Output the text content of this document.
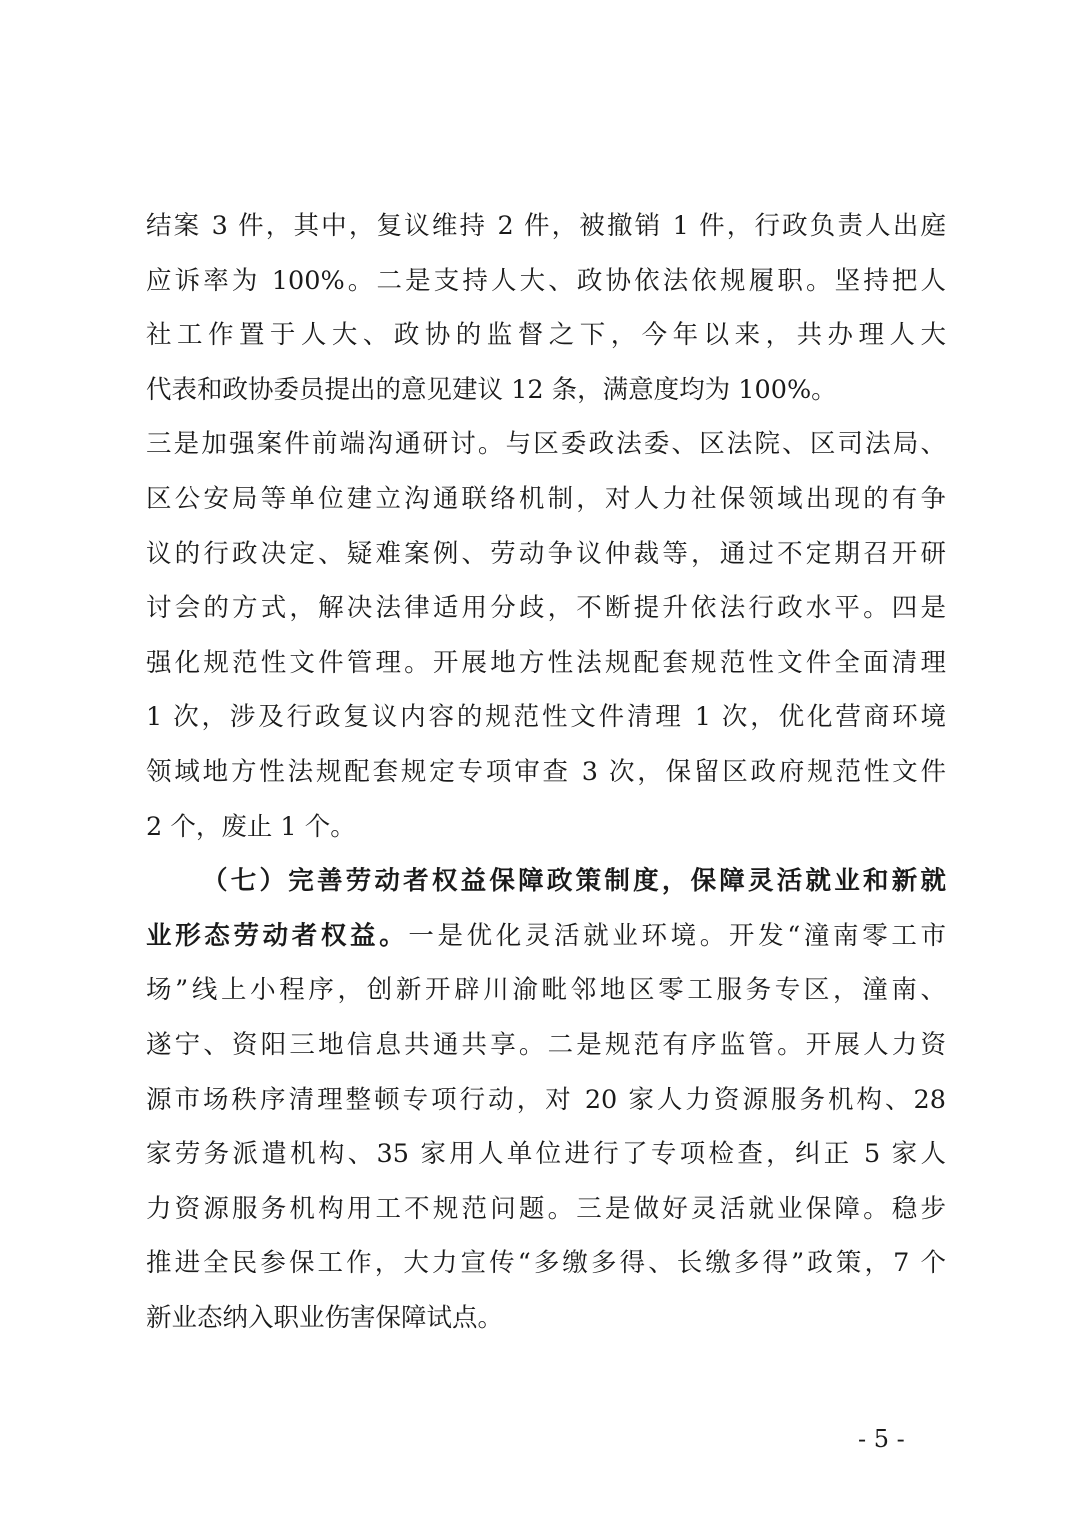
结案 3 件，其中，复议维持 2 件，被撤销 1 件，行政负责人出庭
应诉率为 100%。二是支持人大、政协依法依规履职。坚持把人
社工作置于人大、政协的监督之下，今年以来，共办理人大
代表和政协委员提出的意见建议 12 条，满意度均为 100%。
三是加强案件前端沟通研讨。与区委政法委、区法院、区司法局、
区公安局等单位建立沟通联络机制，对人力社保领域出现的有争
议的行政决定、疑难案例、劳动争议仲裁等，通过不定期召开研
讨会的方式，解决法律适用分歧，不断提升依法行政水平。四是
强化规范性文件管理。开展地方性法规配套规范性文件全面清理
1 次，涉及行政复议内容的规范性文件清理 1 次，优化营商环境
领域地方性法规配套规定专项审查 3 次，保留区政府规范性文件
2 个，废止 1 个。
（七）完善劳动者权益保障政策制度，保障灵活就业和新就
业形态劳动者权益。一是优化灵活就业环境。开发“潼南零工市
场”线上小程序，创新开辟川渝毗邻地区零工服务专区，潼南、
遂宁、资阳三地信息共通共享。二是规范有序监管。开展人力资
源市场秩序清理整顿专项行动，对 20 家人力资源服务机构、28
家劳务派遣机构、35 家用人单位进行了专项检查，纠正 5 家人
力资源服务机构用工不规范问题。三是做好灵活就业保障。稳步
推进全民参保工作，大力宣传“多缴多得、长缴多得”政策，7 个
新业态纳入职业伤害保障试点。
- 5 -
